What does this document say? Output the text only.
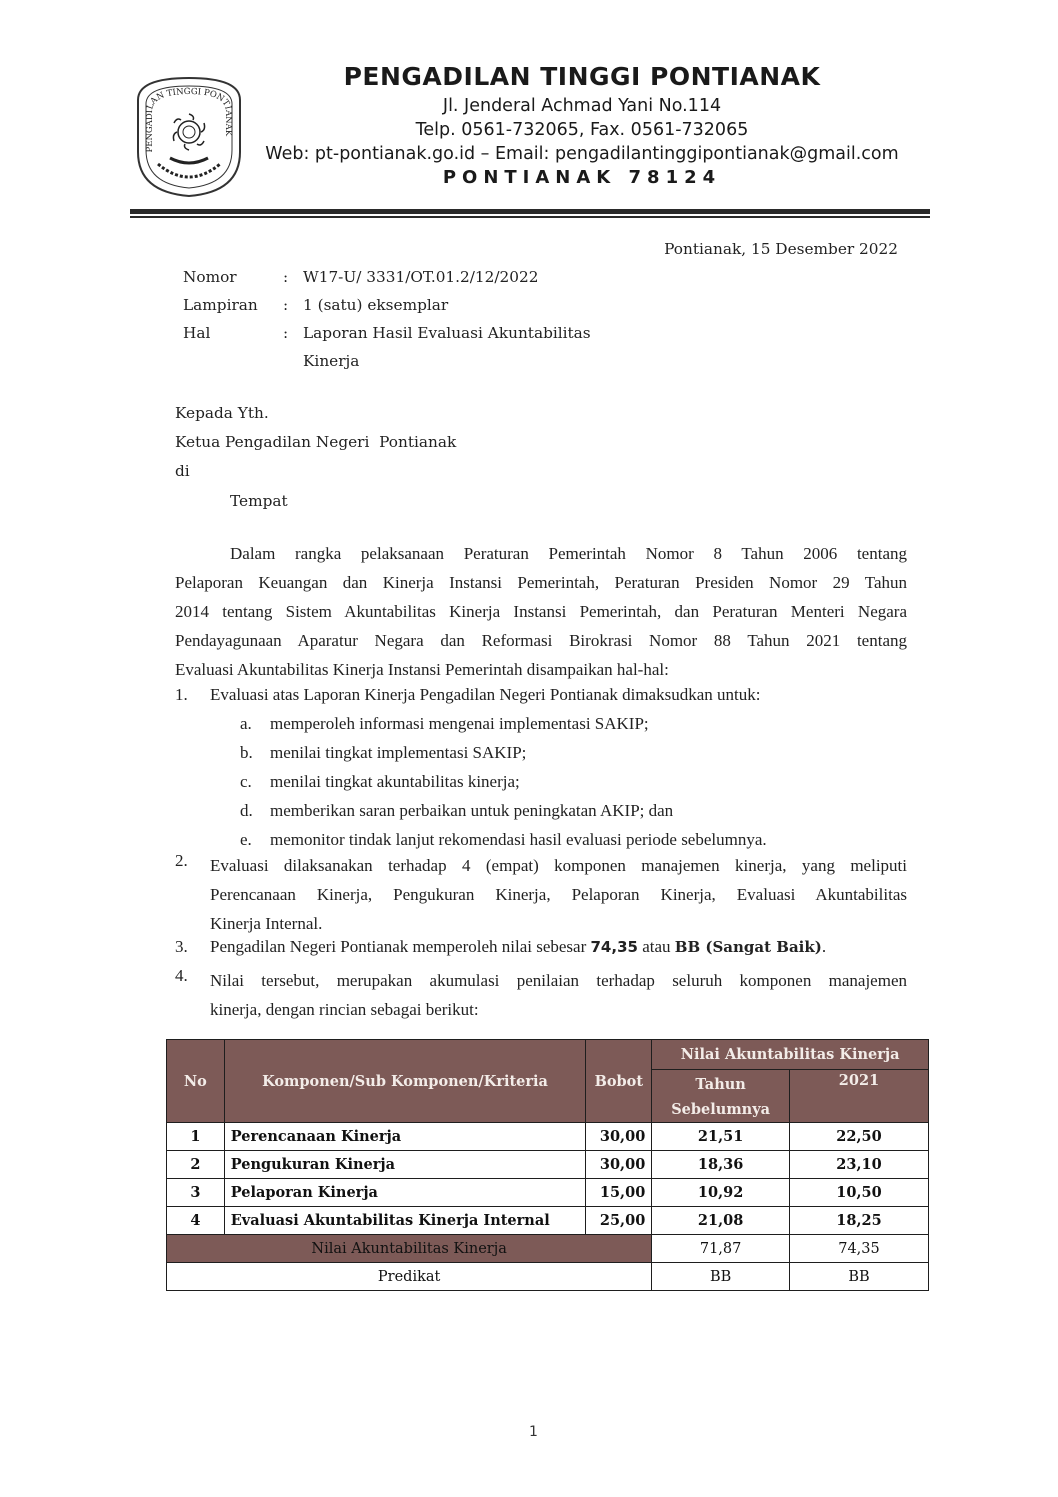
PENGADILAN TINGGI PONTIANAK
PENGADILAN TINGGI PONTIANAK
Jl. Jenderal Achmad Yani No.114
Telp. 0561-732065, Fax. 0561-732065
Web: pt-pontianak.go.id – Email: pengadilantinggipontianak@gmail.com
PONTIANAK 78124
Pontianak, 15 Desember 2022
Nomor	: W17-U/ 3331/OT.01.2/12/2022
Lampiran : 1 (satu) eksemplar
Hal	: Laporan Hasil Evaluasi Akuntabilitas
Kinerja
Kepada Yth.
Ketua Pengadilan Negeri  Pontianak
di
Tempat
Dalam rangka pelaksanaan Peraturan Pemerintah Nomor 8 Tahun 2006 tentang
Pelaporan Keuangan dan Kinerja Instansi Pemerintah, Peraturan Presiden Nomor 29 Tahun
2014 tentang Sistem Akuntabilitas Kinerja Instansi Pemerintah, dan Peraturan Menteri Negara
Pendayagunaan Aparatur Negara dan Reformasi Birokrasi Nomor 88 Tahun 2021 tentang
Evaluasi Akuntabilitas Kinerja Instansi Pemerintah disampaikan hal-hal:
1. Evaluasi atas Laporan Kinerja Pengadilan Negeri Pontianak dimaksudkan untuk:
a. memperoleh informasi mengenai implementasi SAKIP;
b. menilai tingkat implementasi SAKIP;
c. menilai tingkat akuntabilitas kinerja;
d. memberikan saran perbaikan untuk peningkatan AKIP; dan
e. memonitor tindak lanjut rekomendasi hasil evaluasi periode sebelumnya.
2. Evaluasi dilaksanakan terhadap 4 (empat) komponen manajemen kinerja, yang meliputi
Perencanaan Kinerja, Pengukuran Kinerja, Pelaporan Kinerja, Evaluasi Akuntabilitas
Kinerja Internal.
3. Pengadilan Negeri Pontianak memperoleh nilai sebesar 74,35 atau BB (Sangat Baik).
4. Nilai tersebut, merupakan akumulasi penilaian terhadap seluruh komponen manajemen
kinerja, dengan rincian sebagai berikut:
No	Komponen/Sub Komponen/Kriteria	Bobot	Nilai Akuntabilitas Kinerja	
			Tahun Sebelumnya	2021
1	Perencanaan Kinerja	30,00	21,51	22,50
2	Pengukuran Kinerja	30,00	18,36	23,10
3	Pelaporan Kinerja	15,00	10,92	10,50
4	Evaluasi Akuntabilitas Kinerja Internal	25,00	21,08	18,25
Nilai Akuntabilitas Kinerja			71,87	74,35
Predikat			BB	BB
1
